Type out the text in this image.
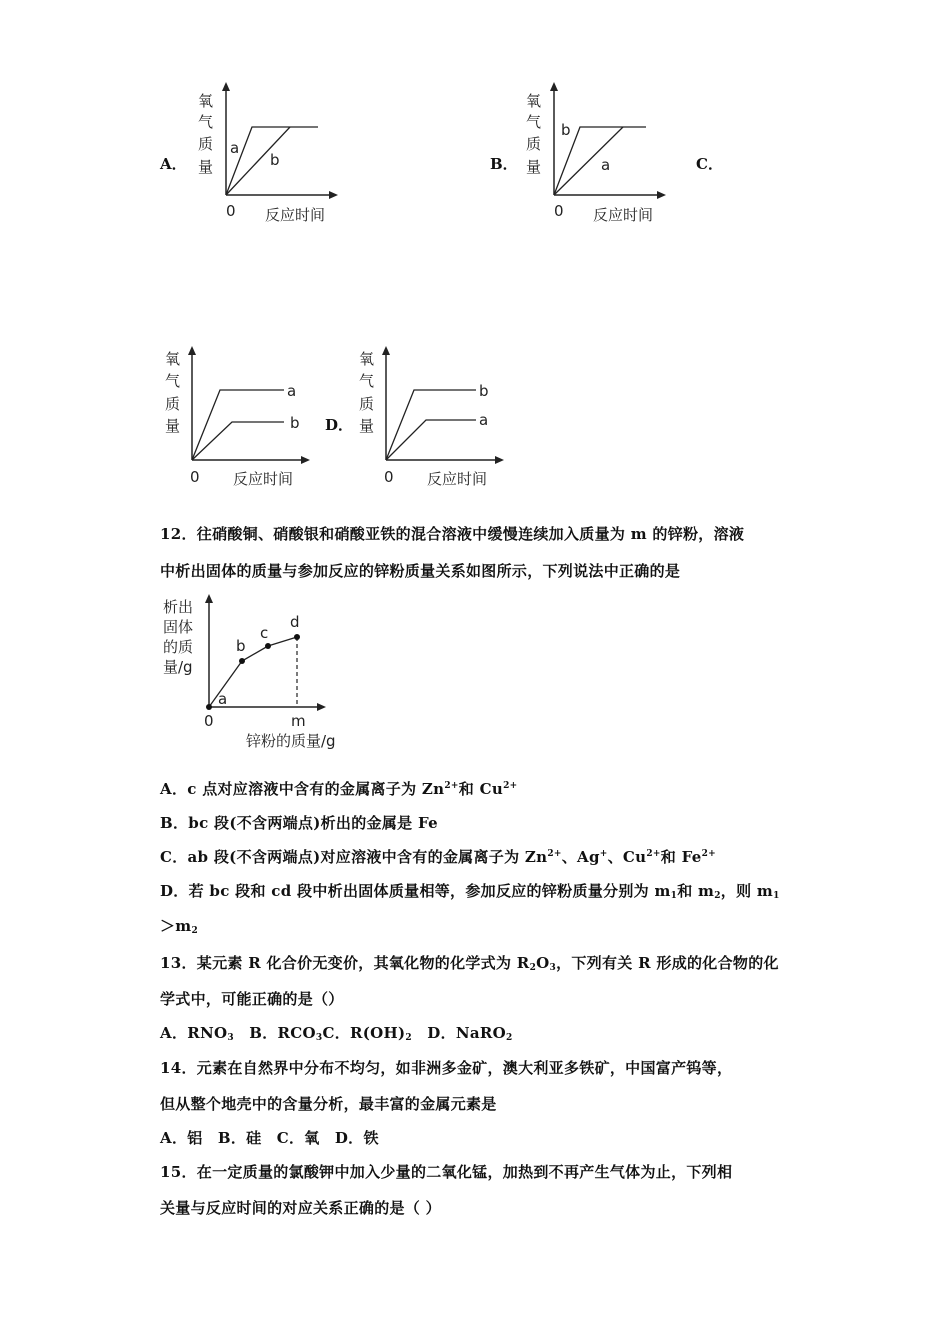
A．
氧
气
质
量
a
b
0 反应时间
B．
氧
气
质
量
b
a
0 反应时间
C．
氧
气
质
量
a
b
0 反应时间
D．
氧
气
质
量
b
a
0 反应时间
12．往硝酸铜、硝酸银和硝酸亚铁的混合溶液中缓慢连续加入质量为 m 的锌粉，溶液
中析出固体的质量与参加反应的锌粉质量关系如图所示，下列说法中正确的是
析出
固体
的质
量/g
a
b
c
d
0	m
锌粉的质量/g
A．c 点对应溶液中含有的金属离子为 $Zn^{2+}$和 $Cu^{2+}$
B．bc 段(不含两端点)析出的金属是 Fe
C．ab 段(不含两端点)对应溶液中含有的金属离子为 $Zn^{2+}$、Ag+、$Cu^{2+}$和 $Fe^{2+}$
D．若 bc 段和 cd 段中析出固体质量相等，参加反应的锌粉质量分别为 $m_1$和 $m_2$，则 $m_1$
$>m_2$
13．某元素 R 化合价无变价，其氧化物的化学式为 $R_2O_3$，下列有关 R 形成的化合物的化
学式中，可能正确的是（）
A．$RNO_3$　B．$RCO_3C$．$R(OH)_2$　D．NaRO$_2$
14．元素在自然界中分布不均匀，如非洲多金矿，澳大利亚多铁矿，中国富产钨等，
但从整个地壳中的含量分析，最丰富的金属元素是
A．铝　B．硅　C．氧　D．铁
15．在一定质量的氯酸钾中加入少量的二氧化锰，加热到不再产生气体为止，下列相
关量与反应时间的对应关系正确的是（ ）
